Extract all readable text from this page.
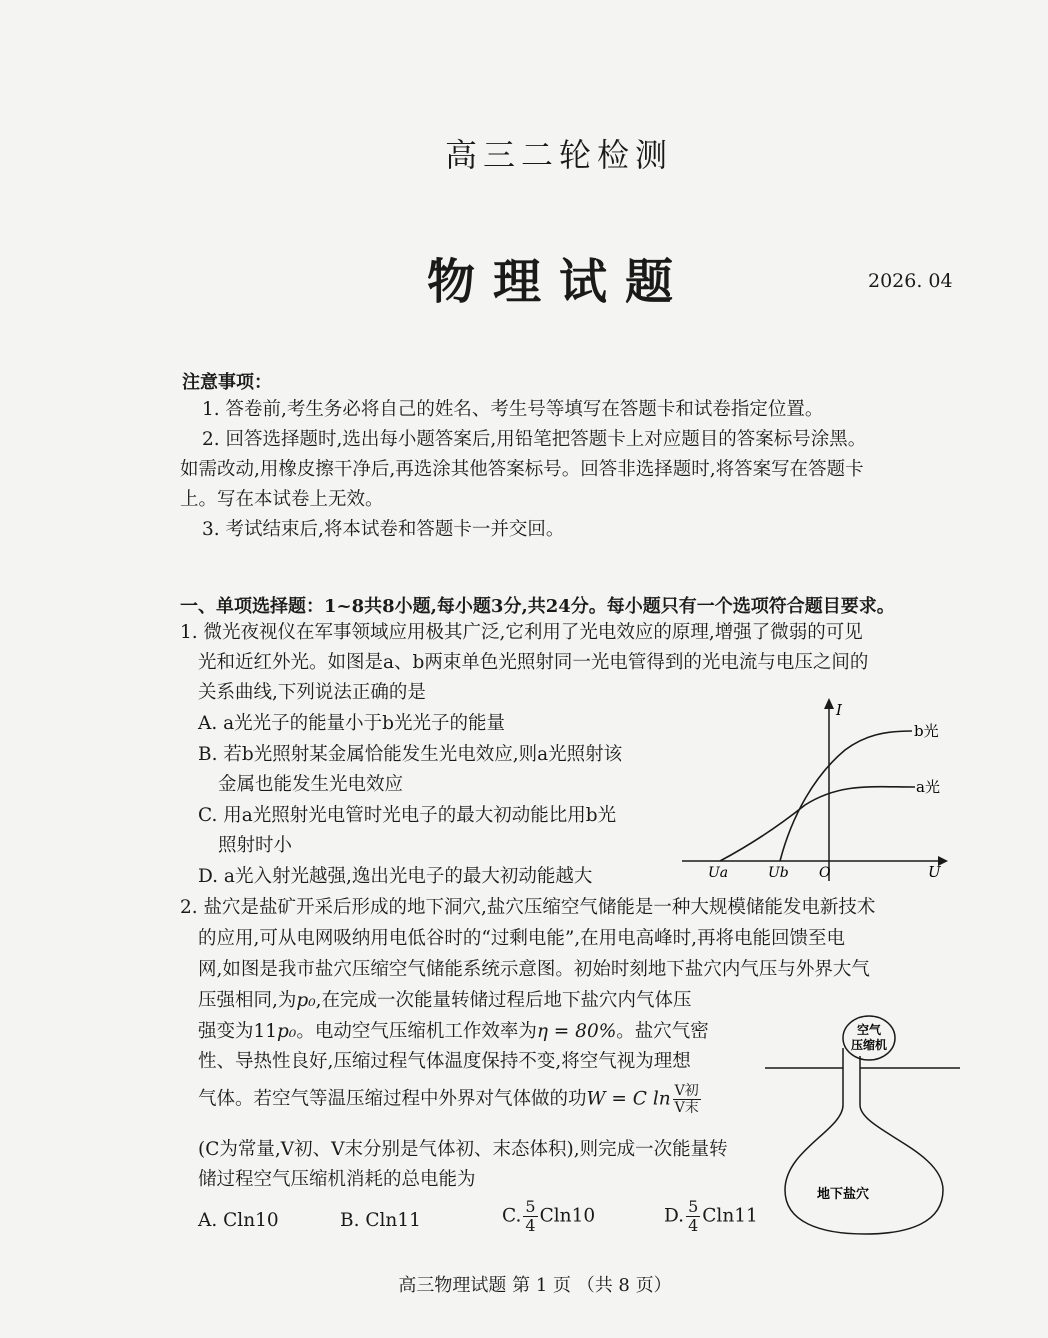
高三二轮检测
物理试题	2026. 04
注意事项：
1. 答卷前,考生务必将自己的姓名、考生号等填写在答题卡和试卷指定位置。
2. 回答选择题时,选出每小题答案后,用铅笔把答题卡上对应题目的答案标号涂黑。
如需改动,用橡皮擦干净后,再选涂其他答案标号。回答非选择题时,将答案写在答题卡
上。写在本试卷上无效。
3. 考试结束后,将本试卷和答题卡一并交回。
一、单项选择题：1~8共8小题,每小题3分,共24分。每小题只有一个选项符合题目要求。
1. 微光夜视仪在军事领域应用极其广泛,它利用了光电效应的原理,增强了微弱的可见
光和近红外光。如图是a、b两束单色光照射同一光电管得到的光电流与电压之间的
关系曲线,下列说法正确的是
A. a光光子的能量小于b光光子的能量
B. 若b光照射某金属恰能发生光电效应,则a光照射该
金属也能发生光电效应
C. 用a光照射光电管时光电子的最大初动能比用b光
照射时小
D. a光入射光越强,逸出光电子的最大初动能越大
I
U
O
Ua	Ub
b光
a光
2. 盐穴是盐矿开采后形成的地下洞穴,盐穴压缩空气储能是一种大规模储能发电新技术
的应用,可从电网吸纳用电低谷时的“过剩电能”,在用电高峰时,再将电能回馈至电
网,如图是我市盐穴压缩空气储能系统示意图。初始时刻地下盐穴内气压与外界大气
压强相同,为p₀,在完成一次能量转储过程后地下盐穴内气体压
强变为11p₀。电动空气压缩机工作效率为η = 80%。盐穴气密
性、导热性良好,压缩过程气体温度保持不变,将空气视为理想
气体。若空气等温压缩过程中外界对气体做的功W = C $\ln \frac{\text{V初}}{\text{V末}}$
(C为常量,V初、V末分别是气体初、末态体积),则完成一次能量转
储过程空气压缩机消耗的总电能为
A. Cln10	B. Cln11	C. $\frac{5}{4} Cln10$	D. $\frac{5}{4} Cln11$
空气
压缩机
地下盐穴
高三物理试题 第 1 页 （共 8 页）
